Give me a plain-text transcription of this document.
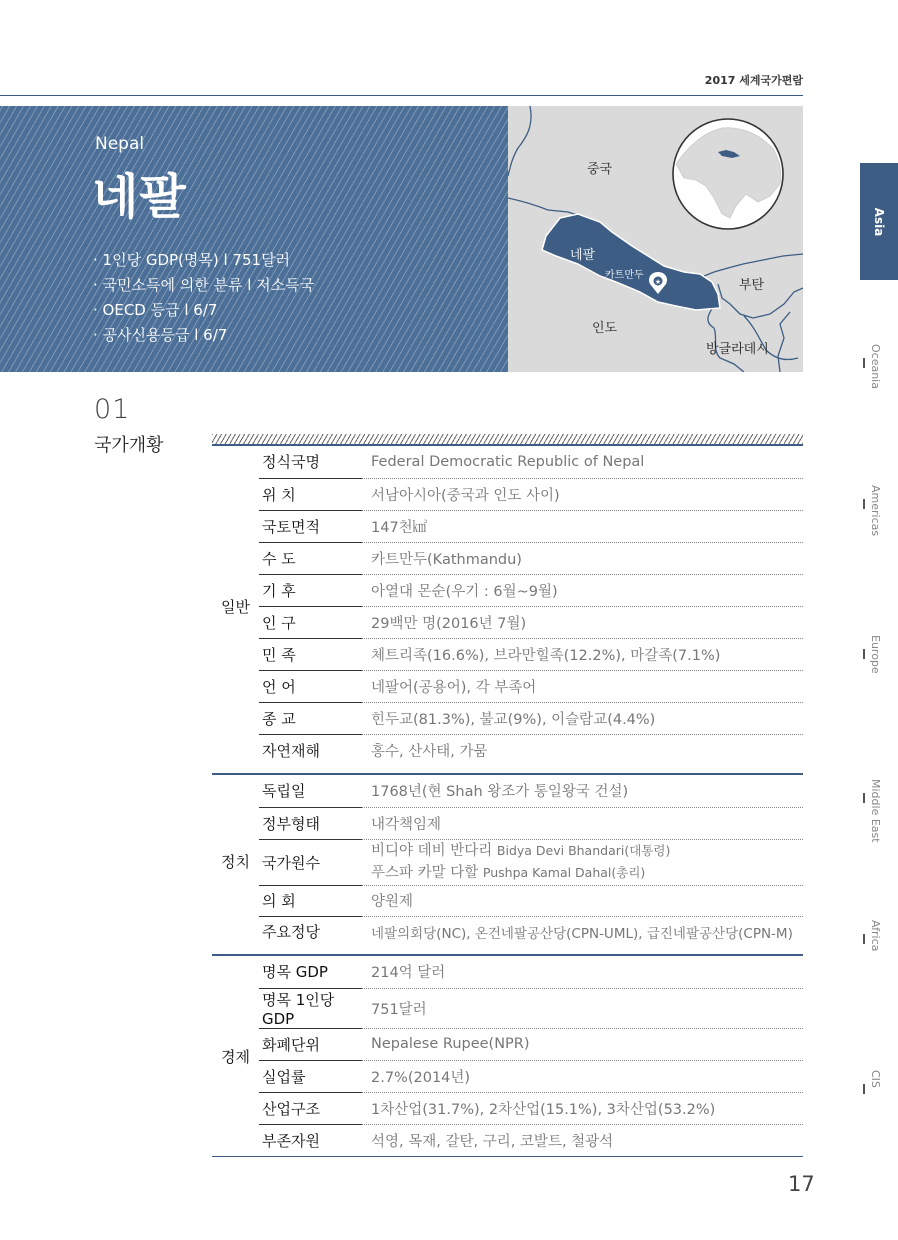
2017 세계국가편람
Nepal
네팔
· 1인당 GDP(명목) l 751달러
· 국민소득에 의한 분류 l 저소득국
· OECD 등급 l 6/7
· 공사신용등급 l 6/7
★
중국
네팔
카트만두
부탄
인도
방글라데시
Asia
Oceania
Americas
Europe
Middle East
Africa
CIS
01
국가개황
일반	정식국명	Federal Democratic Republic of Nepal
	위 치	서남아시아(중국과 인도 사이)
	국토면적	147천㎢
	수 도	카트만두(Kathmandu)
	기 후	아열대 몬순(우기 : 6월~9월)
	인 구	29백만 명(2016년 7월)
	민 족	체트리족(16.6%), 브라만힐족(12.2%), 마갈족(7.1%)
	언 어	네팔어(공용어), 각 부족어
	종 교	힌두교(81.3%), 불교(9%), 이슬람교(4.4%)
	자연재해	홍수, 산사태, 가뭄
정치	독립일	1768년(현 Shah 왕조가 통일왕국 건설)
	정부형태	내각책임제
	국가원수	비디야 데비 반다리 Bidya Devi Bhandari(대통령)
푸스파 카말 다할 Pushpa Kamal Dahal(총리)

	의 회	양원제
	주요정당	네팔의회당(NC), 온건네팔공산당(CPN-UML), 급진네팔공산당(CPN-M)
경제	명목 GDP	214억 달러
	명목 1인당 GDP	751달러
	화폐단위	Nepalese Rupee(NPR)
	실업률	2.7%(2014년)
	산업구조	1차산업(31.7%), 2차산업(15.1%), 3차산업(53.2%)
	부존자원	석영, 목재, 갈탄, 구리, 코발트, 철광석
17
